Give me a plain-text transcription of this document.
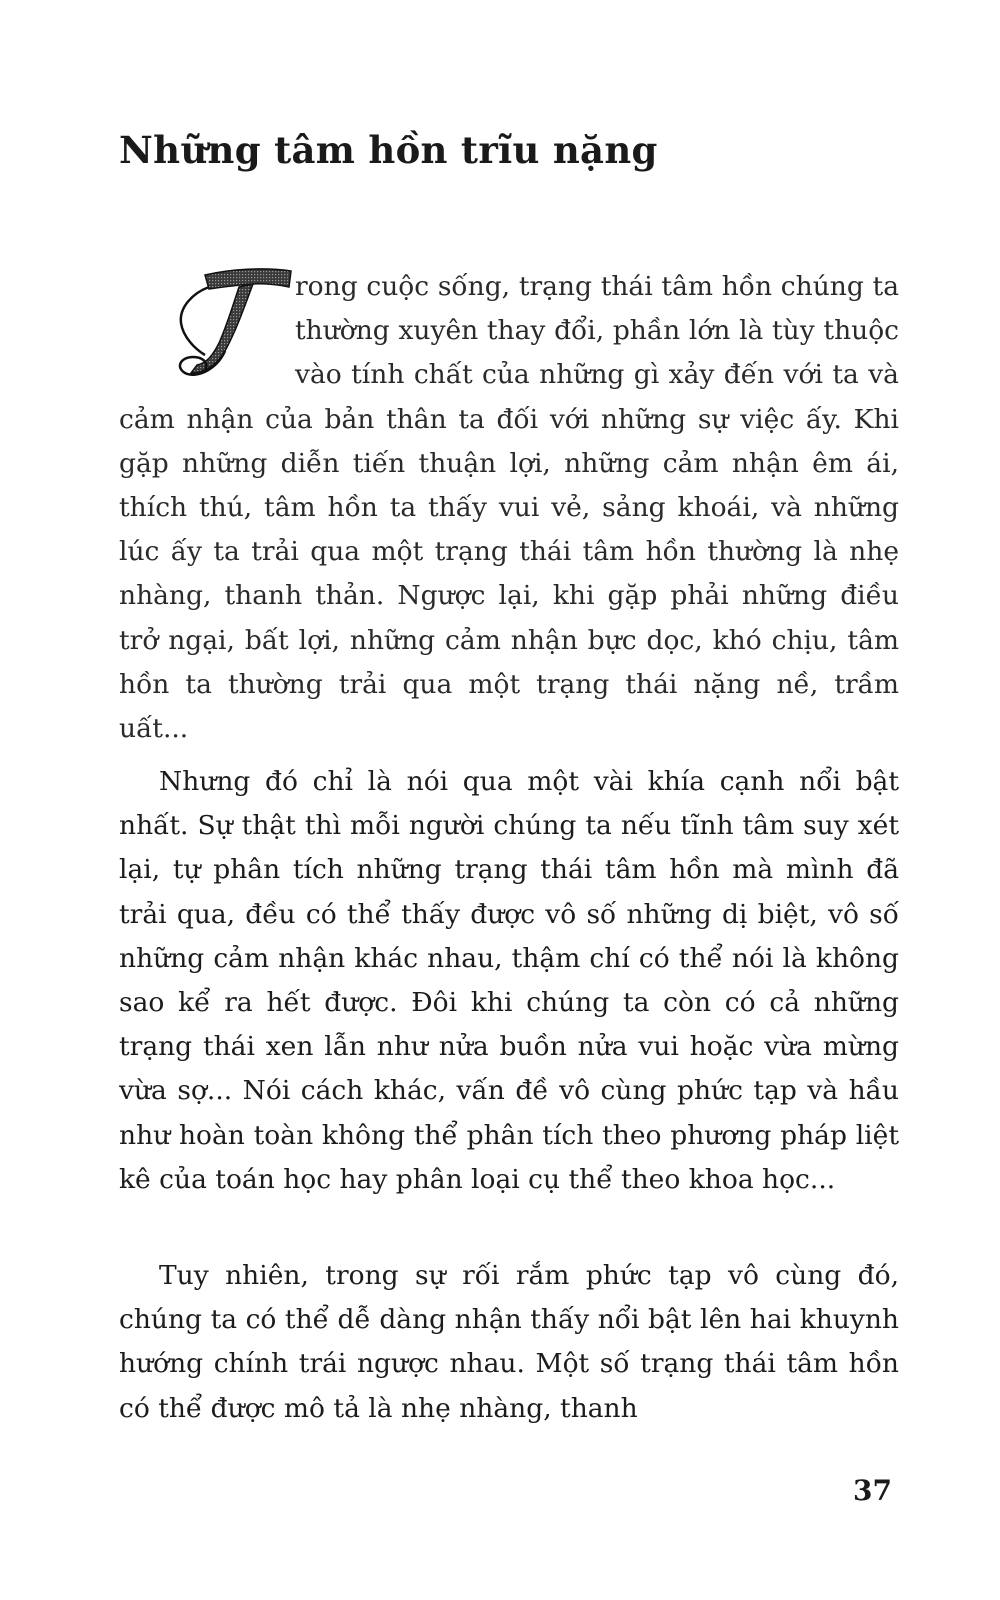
Những tâm hồn trĩu nặng

rong cuộc sống, trạng thái tâm hồn chúng ta thường xuyên thay đổi, phần lớn là tùy thuộc vào tính chất của những gì xảy đến với ta và cảm nhận của bản thân ta đối với những sự việc ấy. Khi gặp những diễn tiến thuận lợi, những cảm nhận êm ái, thích thú, tâm hồn ta thấy vui vẻ, sảng khoái, và những lúc ấy ta trải qua một trạng thái tâm hồn thường là nhẹ nhàng, thanh thản. Ngược lại, khi gặp phải những điều trở ngại, bất lợi, những cảm nhận bực dọc, khó chịu, tâm hồn ta thường trải qua một trạng thái nặng nề, trầm uất...

Nhưng đó chỉ là nói qua một vài khía cạnh nổi bật nhất. Sự thật thì mỗi người chúng ta nếu tĩnh tâm suy xét lại, tự phân tích những trạng thái tâm hồn mà mình đã trải qua, đều có thể thấy được vô số những dị biệt, vô số những cảm nhận khác nhau, thậm chí có thể nói là không sao kể ra hết được. Đôi khi chúng ta còn có cả những trạng thái xen lẫn như nửa buồn nửa vui hoặc vừa mừng vừa sợ... Nói cách khác, vấn đề vô cùng phức tạp và hầu như hoàn toàn không thể phân tích theo phương pháp liệt kê của toán học hay phân loại cụ thể theo khoa học...

Tuy nhiên, trong sự rối rắm phức tạp vô cùng đó, chúng ta có thể dễ dàng nhận thấy nổi bật lên hai khuynh hướng chính trái ngược nhau. Một số trạng thái tâm hồn có thể được mô tả là nhẹ nhàng, thanh

37
